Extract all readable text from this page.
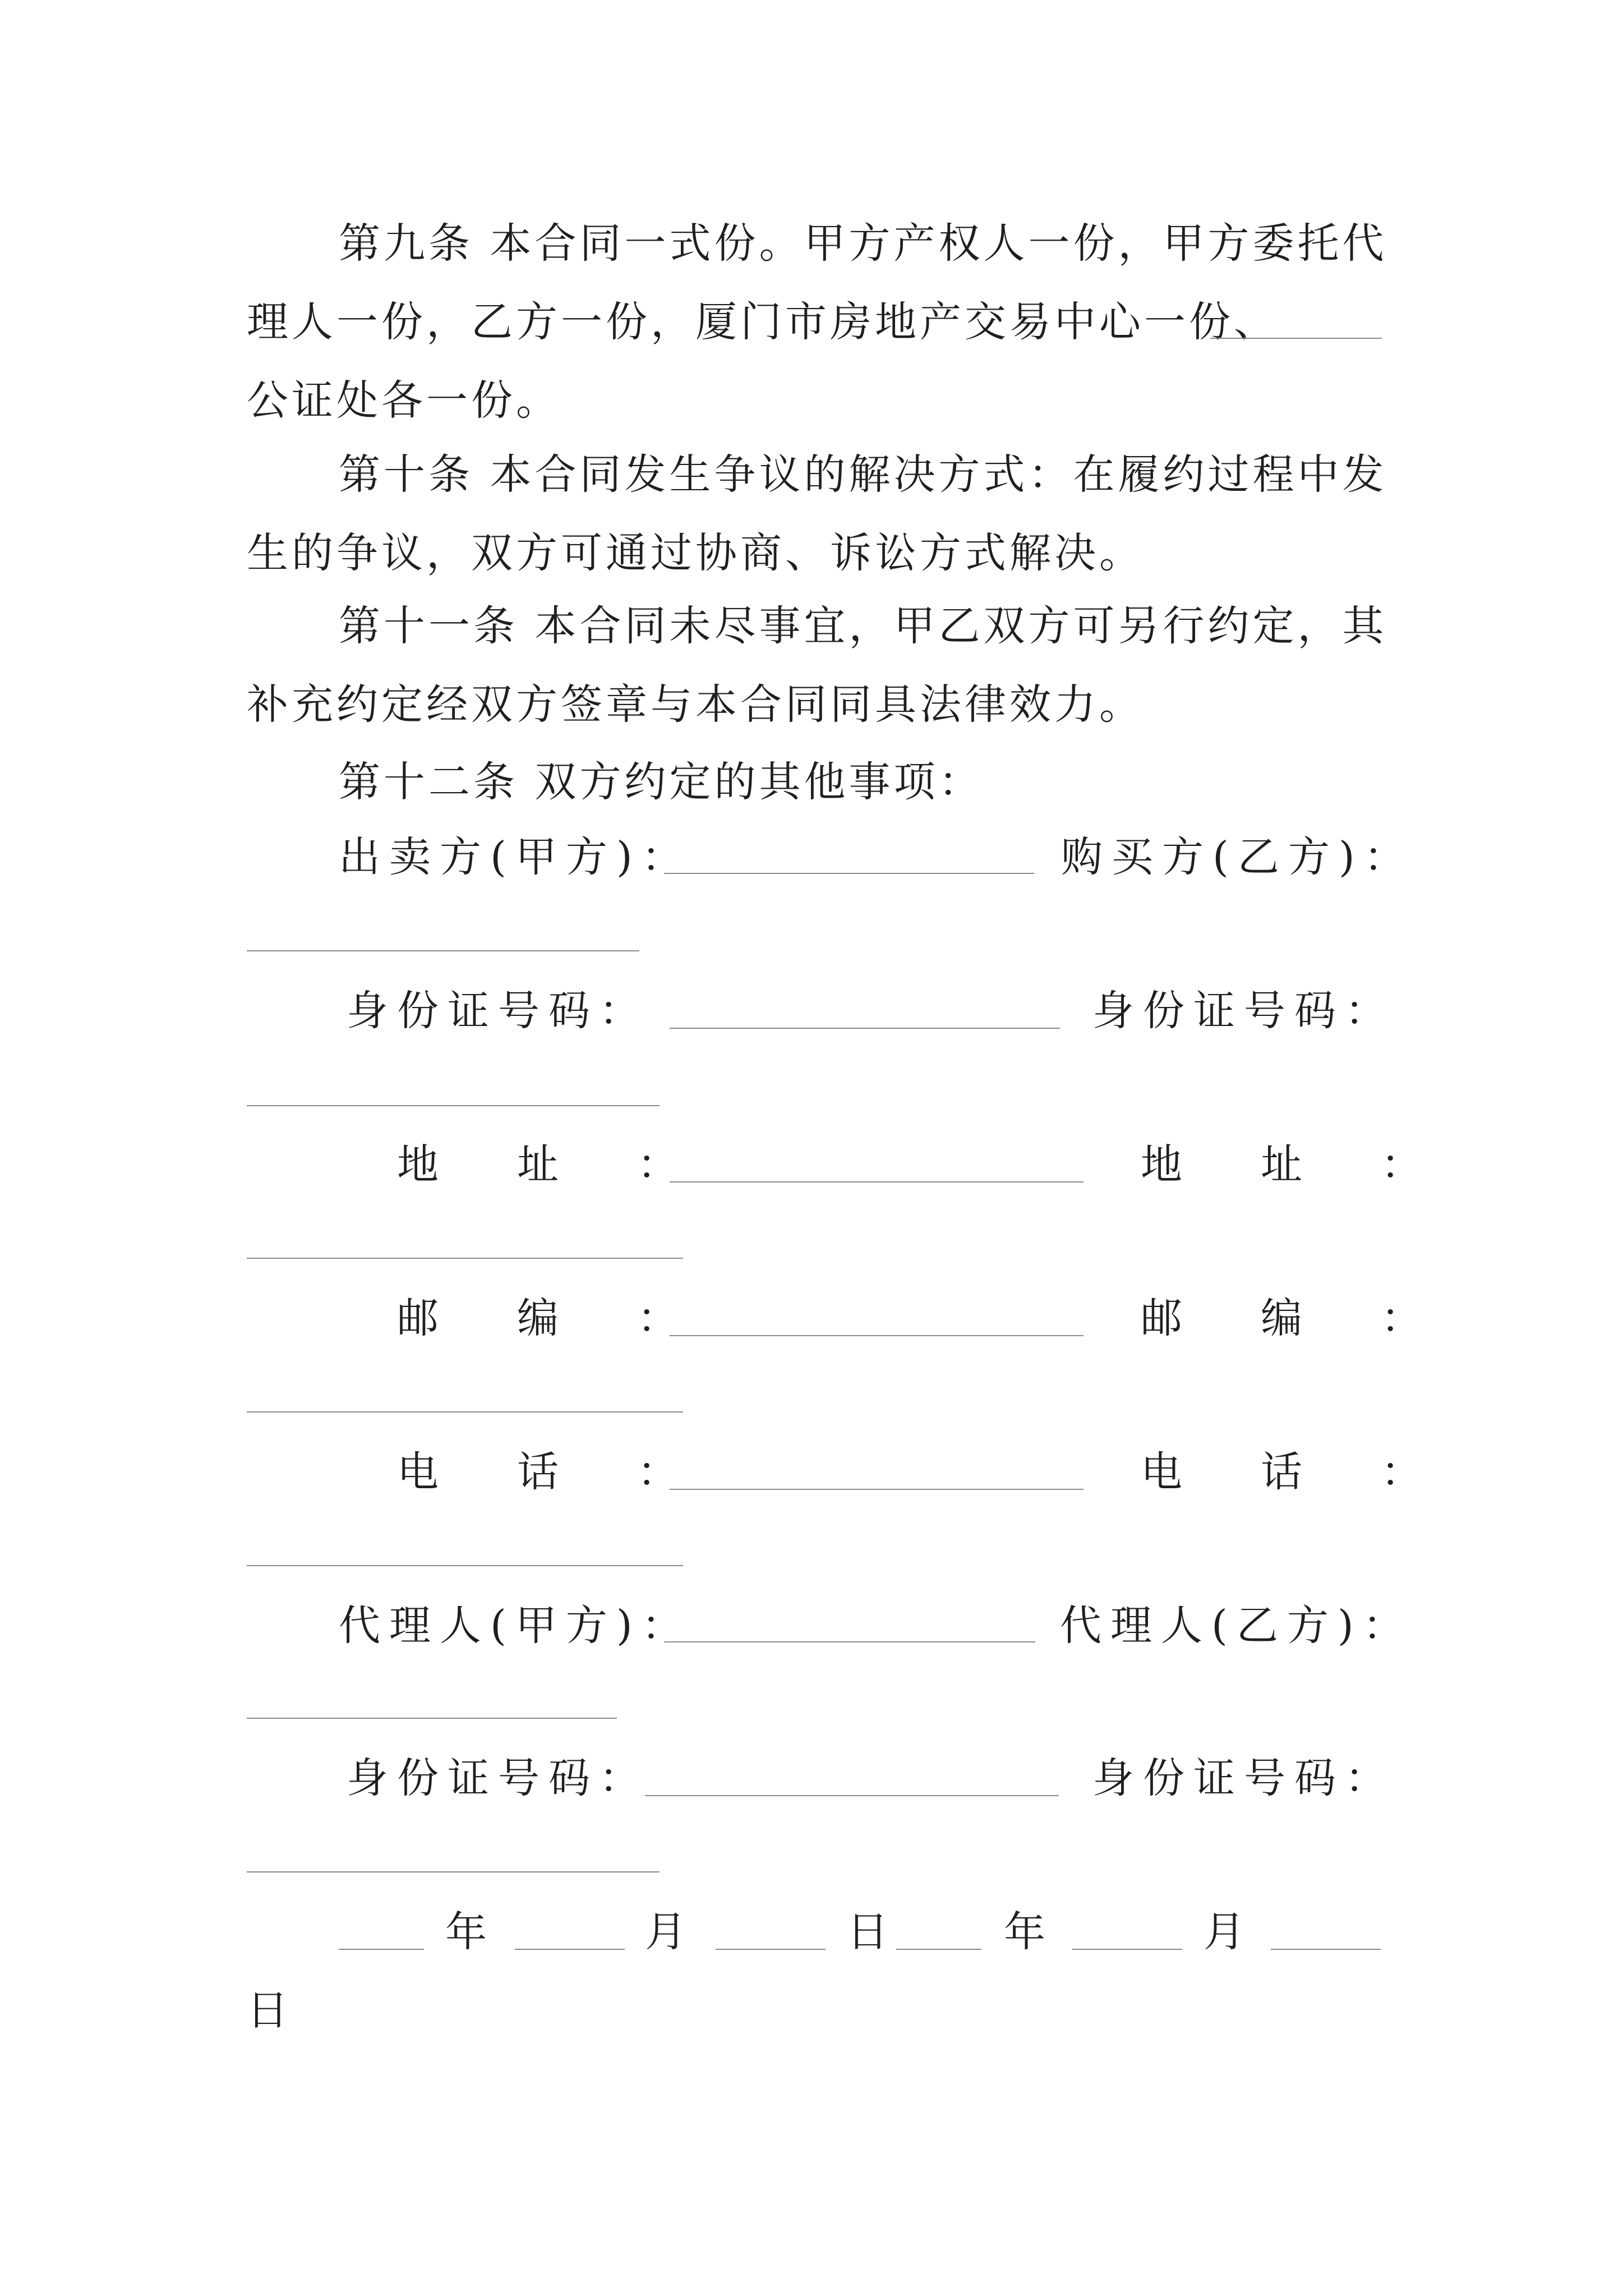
第九条 本合同一式份。甲方产权人一份，甲方委托代

理人一份，乙方一份，厦门市房地产交易中心一份、

公证处各一份。

第十条 本合同发生争议的解决方式：在履约过程中发

生的争议，双方可通过协商、诉讼方式解决。

第十一条 本合同未尽事宜，甲乙双方可另行约定，其

补充约定经双方签章与本合同同具法律效力。

第十二条 双方约定的其他事项：

出卖方(甲方)：	购买方(乙方)：

身份证号码：	身份证号码：

地址：	地址：

邮编：	邮编：

电话：	电话：

代理人(甲方)：	代理人(乙方)：

身份证号码：	身份证号码：

年	月	日	年	月

日
